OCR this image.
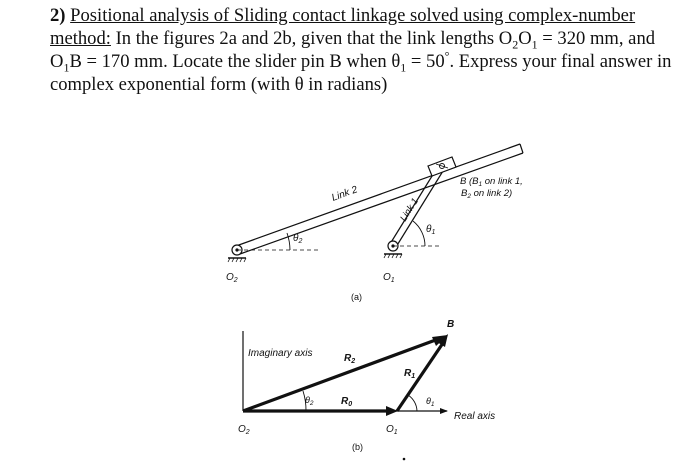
2) Positional analysis of Sliding contact linkage solved using complex-number method: In the figures 2a and 2b, given that the link lengths $O_2O_1 = 320$ mm, and $O_1B = 170$ mm. Locate the slider pin B when $\theta_1 = 50^\circ$. Express your final answer in complex exponential form (with θ in radians)
Link 2
Link 1
$\theta_2$
$\theta_1$
$O_2$	$O_1$
B ($B_1$ on link 1,
$B_2$ on link 2)
(a)
B
Imaginary axis
Real axis
$R_2$
$R_1$
$R_0$
$\theta_2$	$\theta_1$
$O_2$	$O_1$
(b)
